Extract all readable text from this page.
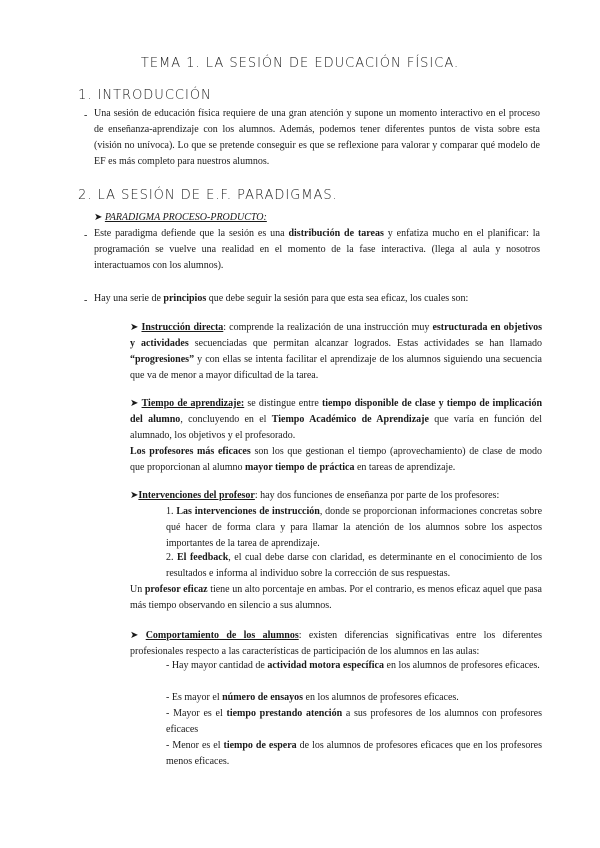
TEMA 1. LA SESIÓN DE EDUCACIÓN FÍSICA.
1. INTRODUCCIÓN
- Una sesión de educación física requiere de una gran atención y supone un momento interactivo en el proceso de enseñanza-aprendizaje con los alumnos. Además, podemos tener diferentes puntos de vista sobre esta (visión no unívoca). Lo que se pretende conseguir es que se reflexione para valorar y comparar qué modelo de EF es más completo para nuestros alumnos.
2. LA SESIÓN DE E.F. PARADIGMAS.
➤ PARADIGMA PROCESO-PRODUCTO:
- Este paradigma defiende que la sesión es una distribución de tareas y enfatiza mucho en el planificar: la programación se vuelve una realidad en el momento de la fase interactiva. (llega al aula y nosotros interactuamos con los alumnos).
- Hay una serie de principios que debe seguir la sesión para que esta sea eficaz, los cuales son:
➤ Instrucción directa: comprende la realización de una instrucción muy estructurada en objetivos y actividades secuenciadas que permitan alcanzar logrados. Estas actividades se han llamado “progresiones” y con ellas se intenta facilitar el aprendizaje de los alumnos siguiendo una secuencia que va de menor a mayor dificultad de la tarea.
➤ Tiempo de aprendizaje: se distingue entre tiempo disponible de clase y tiempo de implicación del alumno, concluyendo en el Tiempo Académico de Aprendizaje que varía en función del alumnado, los objetivos y el profesorado.
Los profesores más eficaces son los que gestionan el tiempo (aprovechamiento) de clase de modo que proporcionan al alumno mayor tiempo de práctica en tareas de aprendizaje.
➤Intervenciones del profesor: hay dos funciones de enseñanza por parte de los profesores:
1. Las intervenciones de instrucción, donde se proporcionan informaciones concretas sobre qué hacer de forma clara y para llamar la atención de los alumnos sobre los aspectos importantes de la tarea de aprendizaje.
2. El feedback, el cual debe darse con claridad, es determinante en el conocimiento de los resultados e informa al individuo sobre la corrección de sus respuestas.
Un profesor eficaz tiene un alto porcentaje en ambas. Por el contrario, es menos eficaz aquel que pasa más tiempo observando en silencio a sus alumnos.
➤ Comportamiento de los alumnos: existen diferencias significativas entre los diferentes profesionales respecto a las características de participación de los alumnos en las aulas:
- Hay mayor cantidad de actividad motora específica en los alumnos de profesores eficaces.
- Es mayor el número de ensayos en los alumnos de profesores eficaces.
- Mayor es el tiempo prestando atención a sus profesores de los alumnos con profesores eficaces
- Menor es el tiempo de espera de los alumnos de profesores eficaces que en los profesores menos eficaces.
